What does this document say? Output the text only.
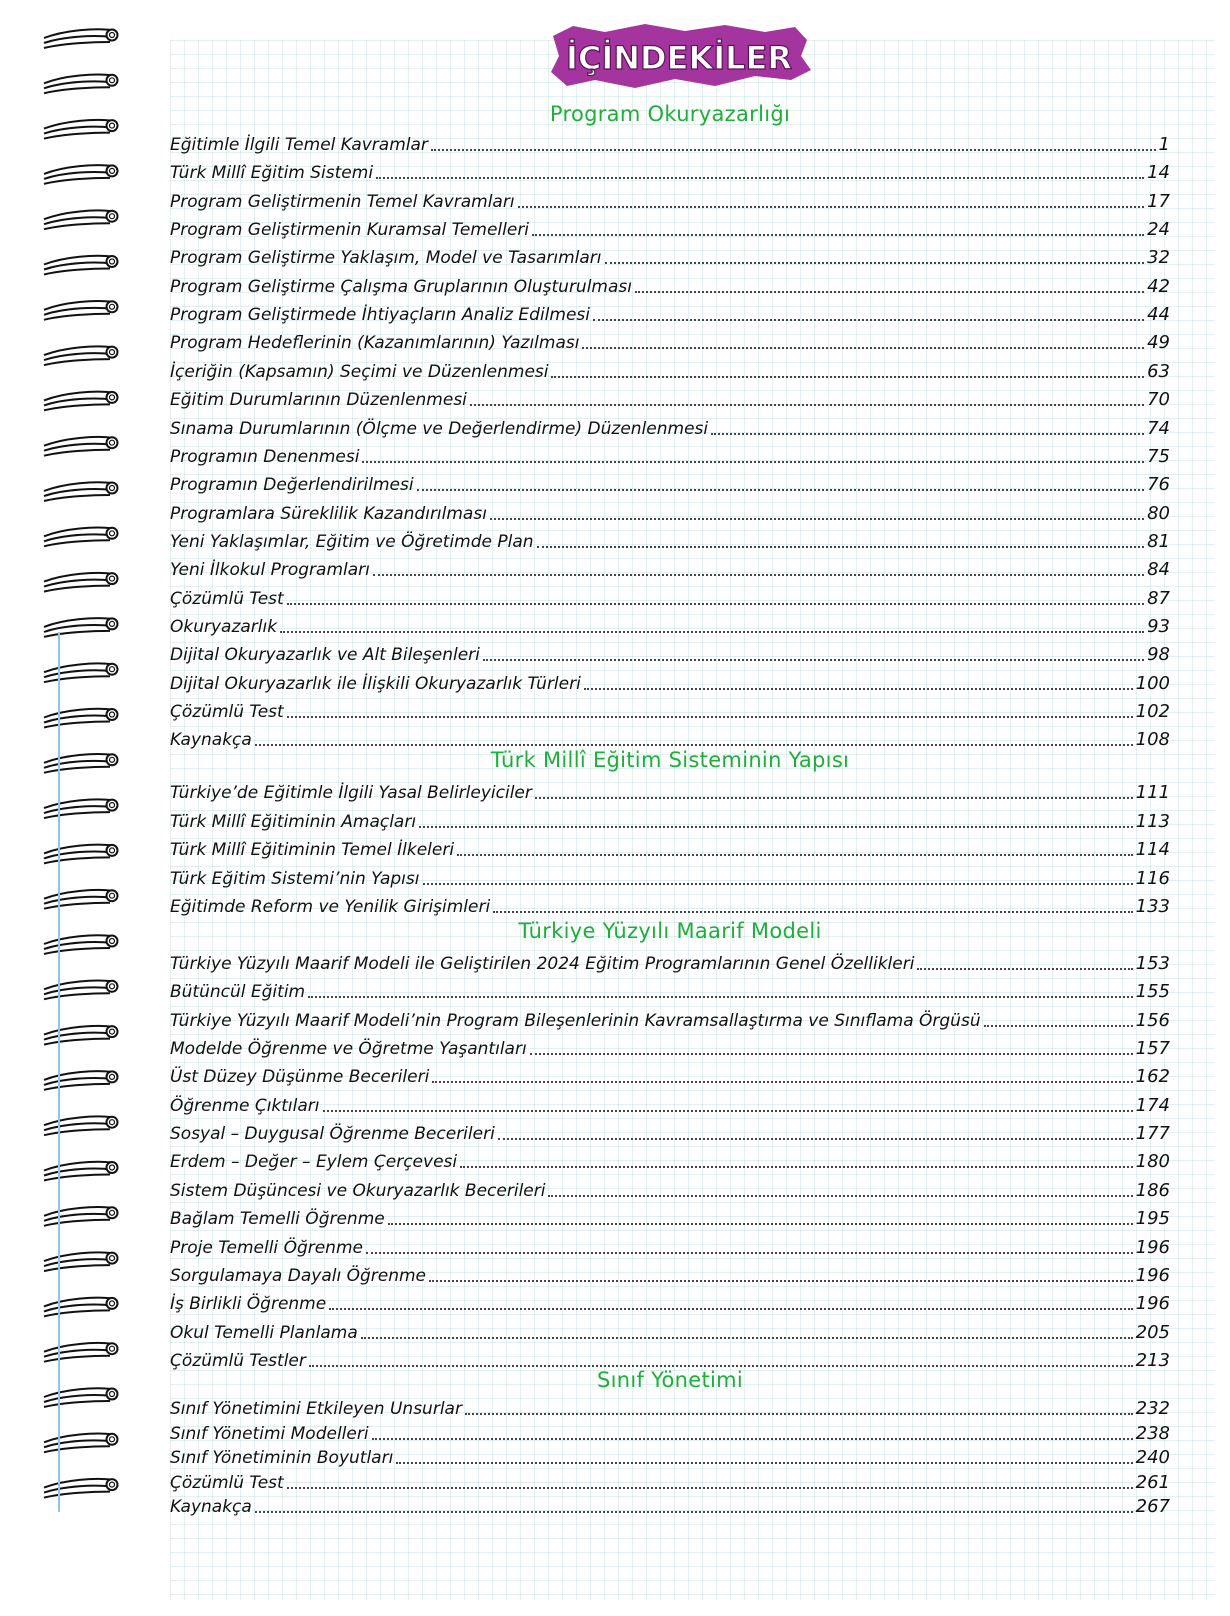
İÇİNDEKİLER
Program Okuryazarlığı
Eğitimle İlgili Temel Kavramlar	1
Türk Millî Eğitim Sistemi	14
Program Geliştirmenin Temel Kavramları	17
Program Geliştirmenin Kuramsal Temelleri	24
Program Geliştirme Yaklaşım, Model ve Tasarımları	32
Program Geliştirme Çalışma Gruplarının Oluşturulması	42
Program Geliştirmede İhtiyaçların Analiz Edilmesi	44
Program Hedeflerinin (Kazanımlarının) Yazılması	49
İçeriğin (Kapsamın) Seçimi ve Düzenlenmesi	63
Eğitim Durumlarının Düzenlenmesi	70
Sınama Durumlarının (Ölçme ve Değerlendirme) Düzenlenmesi	74
Programın Denenmesi	75
Programın Değerlendirilmesi	76
Programlara Süreklilik Kazandırılması	80
Yeni Yaklaşımlar, Eğitim ve Öğretimde Plan	81
Yeni İlkokul Programları	84
Çözümlü Test	87
Okuryazarlık	93
Dijital Okuryazarlık ve Alt Bileşenleri	98
Dijital Okuryazarlık ile İlişkili Okuryazarlık Türleri	100
Çözümlü Test	102
Kaynakça	108
Türk Millî Eğitim Sisteminin Yapısı
Türkiye’de Eğitimle İlgili Yasal Belirleyiciler	111
Türk Millî Eğitiminin Amaçları	113
Türk Millî Eğitiminin Temel İlkeleri	114
Türk Eğitim Sistemi’nin Yapısı	116
Eğitimde Reform ve Yenilik Girişimleri	133
Türkiye Yüzyılı Maarif Modeli
Türkiye Yüzyılı Maarif Modeli ile Geliştirilen 2024 Eğitim Programlarının Genel Özellikleri	153
Bütüncül Eğitim	155
Türkiye Yüzyılı Maarif Modeli’nin Program Bileşenlerinin Kavramsallaştırma ve Sınıflama Örgüsü	156
Modelde Öğrenme ve Öğretme Yaşantıları	157
Üst Düzey Düşünme Becerileri	162
Öğrenme Çıktıları	174
Sosyal – Duygusal Öğrenme Becerileri	177
Erdem – Değer – Eylem Çerçevesi	180
Sistem Düşüncesi ve Okuryazarlık Becerileri	186
Bağlam Temelli Öğrenme	195
Proje Temelli Öğrenme	196
Sorgulamaya Dayalı Öğrenme	196
İş Birlikli Öğrenme	196
Okul Temelli Planlama	205
Çözümlü Testler	213
Sınıf Yönetimi
Sınıf Yönetimini Etkileyen Unsurlar	232
Sınıf Yönetimi Modelleri	238
Sınıf Yönetiminin Boyutları	240
Çözümlü Test	261
Kaynakça	267
